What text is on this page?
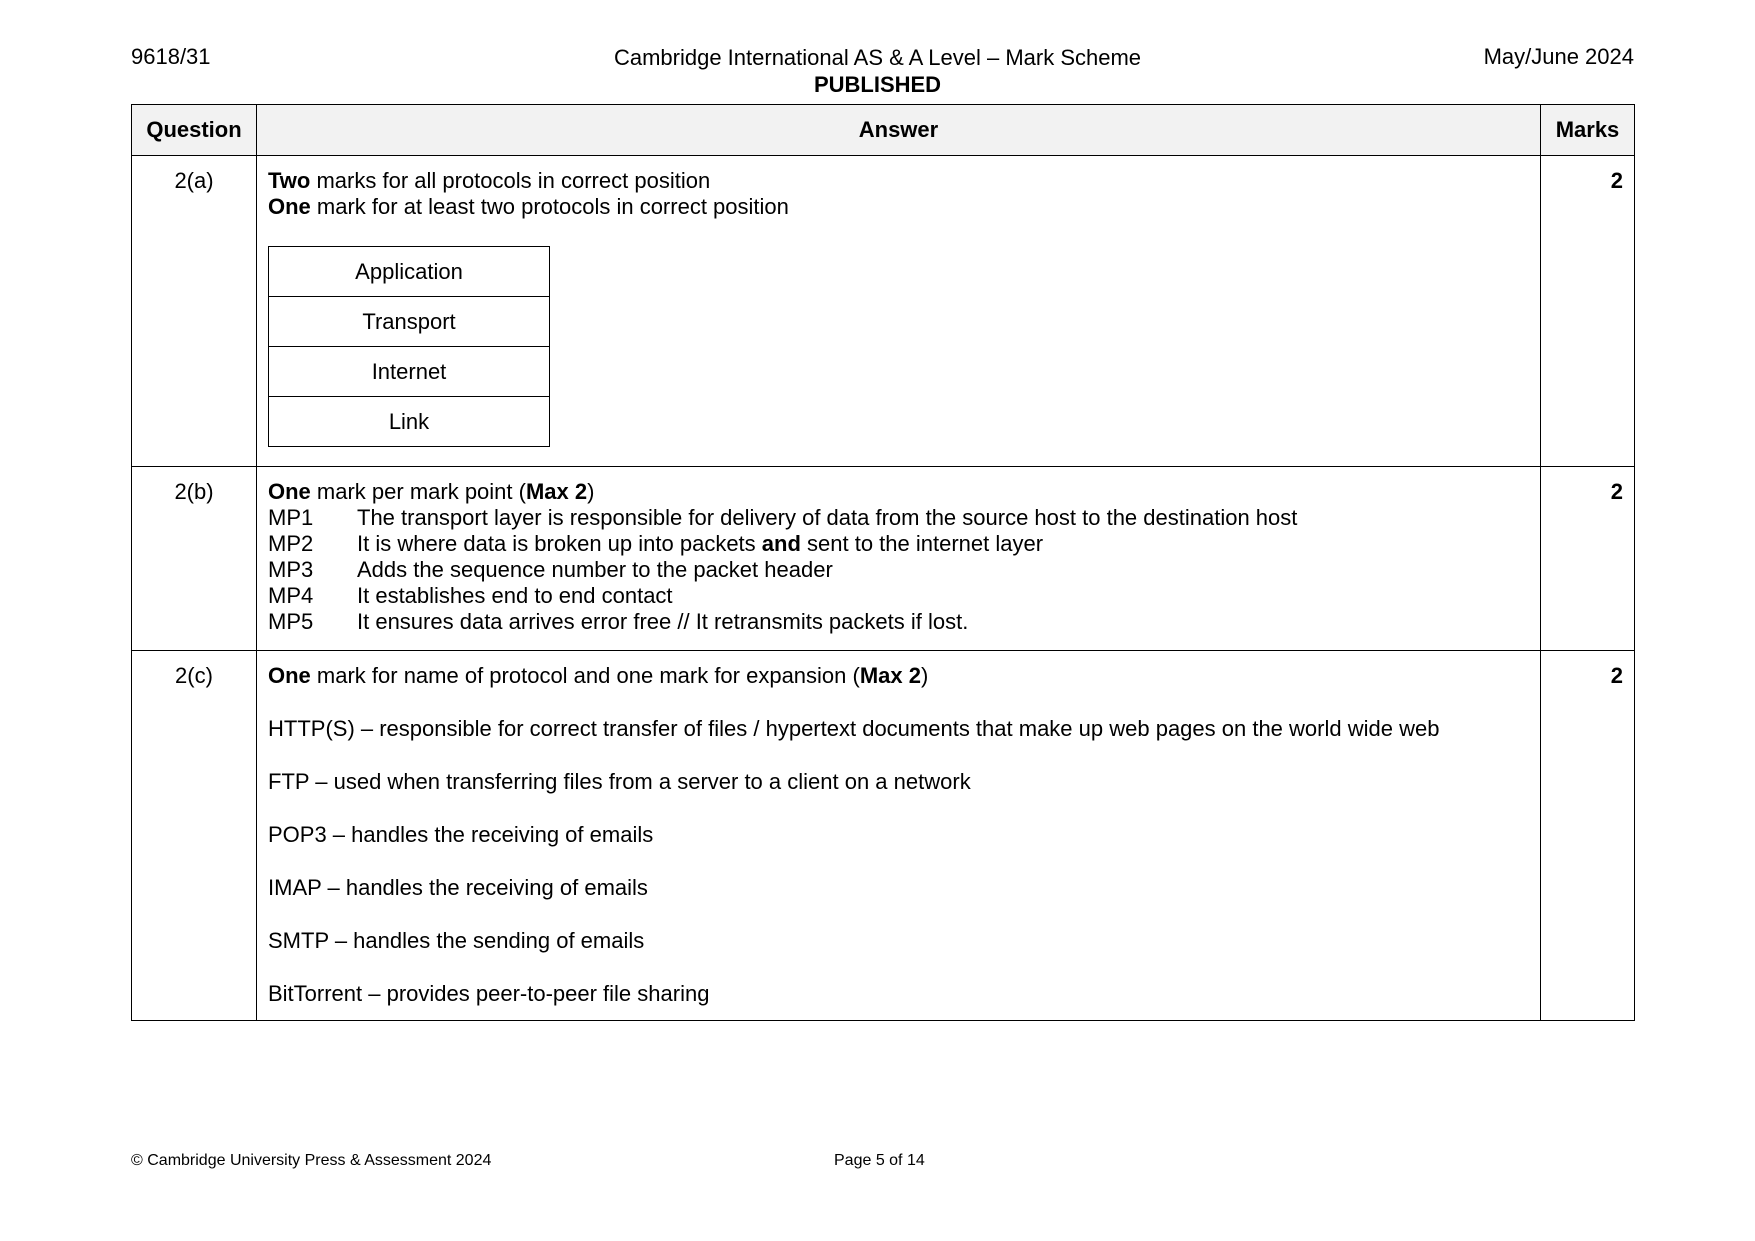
9618/31	Cambridge International AS & A Level – Mark Scheme
PUBLISHED
May/June 2024
Question	Answer	Marks
2(a)	Two marks for all protocols in correct position
One mark for at least two protocols in correct position
Application
Transport
Internet
Link
	2
2(b)	One mark per mark point (Max 2)
MP1	The transport layer is responsible for delivery of data from the source host to the destination host
MP2	It is where data is broken up into packets and sent to the internet layer
MP3	Adds the sequence number to the packet header
MP4	It establishes end to end contact
MP5	It ensures data arrives error free // It retransmits packets if lost.
	2
2(c)	One mark for name of protocol and one mark for expansion (Max 2)
HTTP(S) – responsible for correct transfer of files / hypertext documents that make up web pages on the world wide web
FTP – used when transferring files from a server to a client on a network
POP3 – handles the receiving of emails
IMAP – handles the receiving of emails
SMTP – handles the sending of emails
BitTorrent – provides peer-to-peer file sharing
	2
© Cambridge University Press & Assessment 2024	Page 5 of 14
